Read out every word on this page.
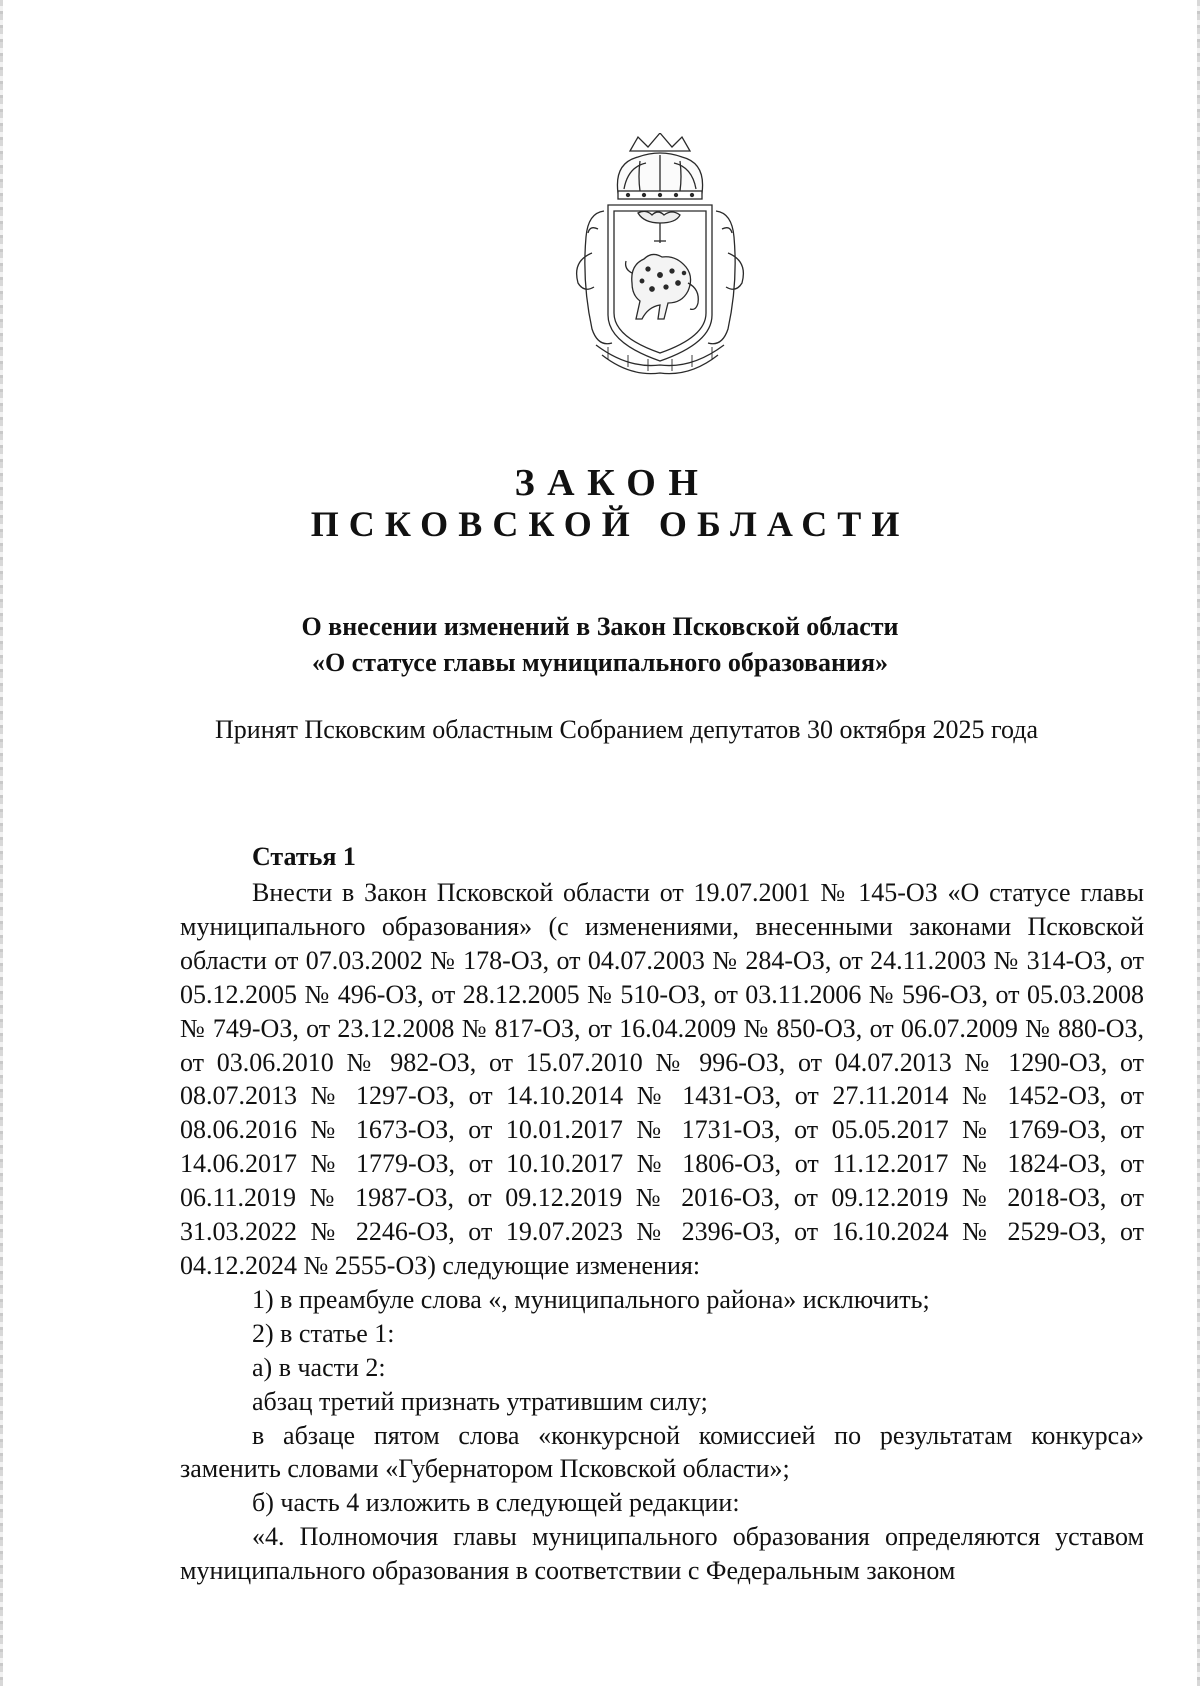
ЗАКОН
ПСКОВСКОЙ ОБЛАСТИ
О внесении изменений в Закон Псковской области
«О статусе главы муниципального образования»
Принят Псковским областным Собранием депутатов 30 октября 2025 года
Статья 1

Внести в Закон Псковской области от 19.07.2001 № 145-ОЗ «О статусе главы муниципального образования» (с изменениями, внесенными законами Псковской области от 07.03.2002 № 178-ОЗ, от 04.07.2003 № 284-ОЗ, от 24.11.2003 № 314-ОЗ, от 05.12.2005 № 496-ОЗ, от 28.12.2005 № 510-ОЗ, от 03.11.2006 № 596-ОЗ, от 05.03.2008 № 749-ОЗ, от 23.12.2008 № 817-ОЗ, от 16.04.2009 № 850-ОЗ, от 06.07.2009 № 880-ОЗ, от 03.06.2010 № 982-ОЗ, от 15.07.2010 № 996-ОЗ, от 04.07.2013 № 1290-ОЗ, от 08.07.2013 № 1297-ОЗ, от 14.10.2014 № 1431-ОЗ, от 27.11.2014 № 1452-ОЗ, от 08.06.2016 № 1673-ОЗ, от 10.01.2017 № 1731-ОЗ, от 05.05.2017 № 1769-ОЗ, от 14.06.2017 № 1779-ОЗ, от 10.10.2017 № 1806-ОЗ, от 11.12.2017 № 1824-ОЗ, от 06.11.2019 № 1987-ОЗ, от 09.12.2019 № 2016-ОЗ, от 09.12.2019 № 2018-ОЗ, от 31.03.2022 № 2246-ОЗ, от 19.07.2023 № 2396-ОЗ, от 16.10.2024 № 2529-ОЗ, от 04.12.2024 № 2555-ОЗ) следующие изменения:

1) в преамбуле слова «, муниципального района» исключить;

2) в статье 1:

а) в части 2:

абзац третий признать утратившим силу;

в абзаце пятом слова «конкурсной комиссией по результатам конкурса» заменить словами «Губернатором Псковской области»;

б) часть 4 изложить в следующей редакции:

«4. Полномочия главы муниципального образования определяются уставом муниципального образования в соответствии с Федеральным законом
